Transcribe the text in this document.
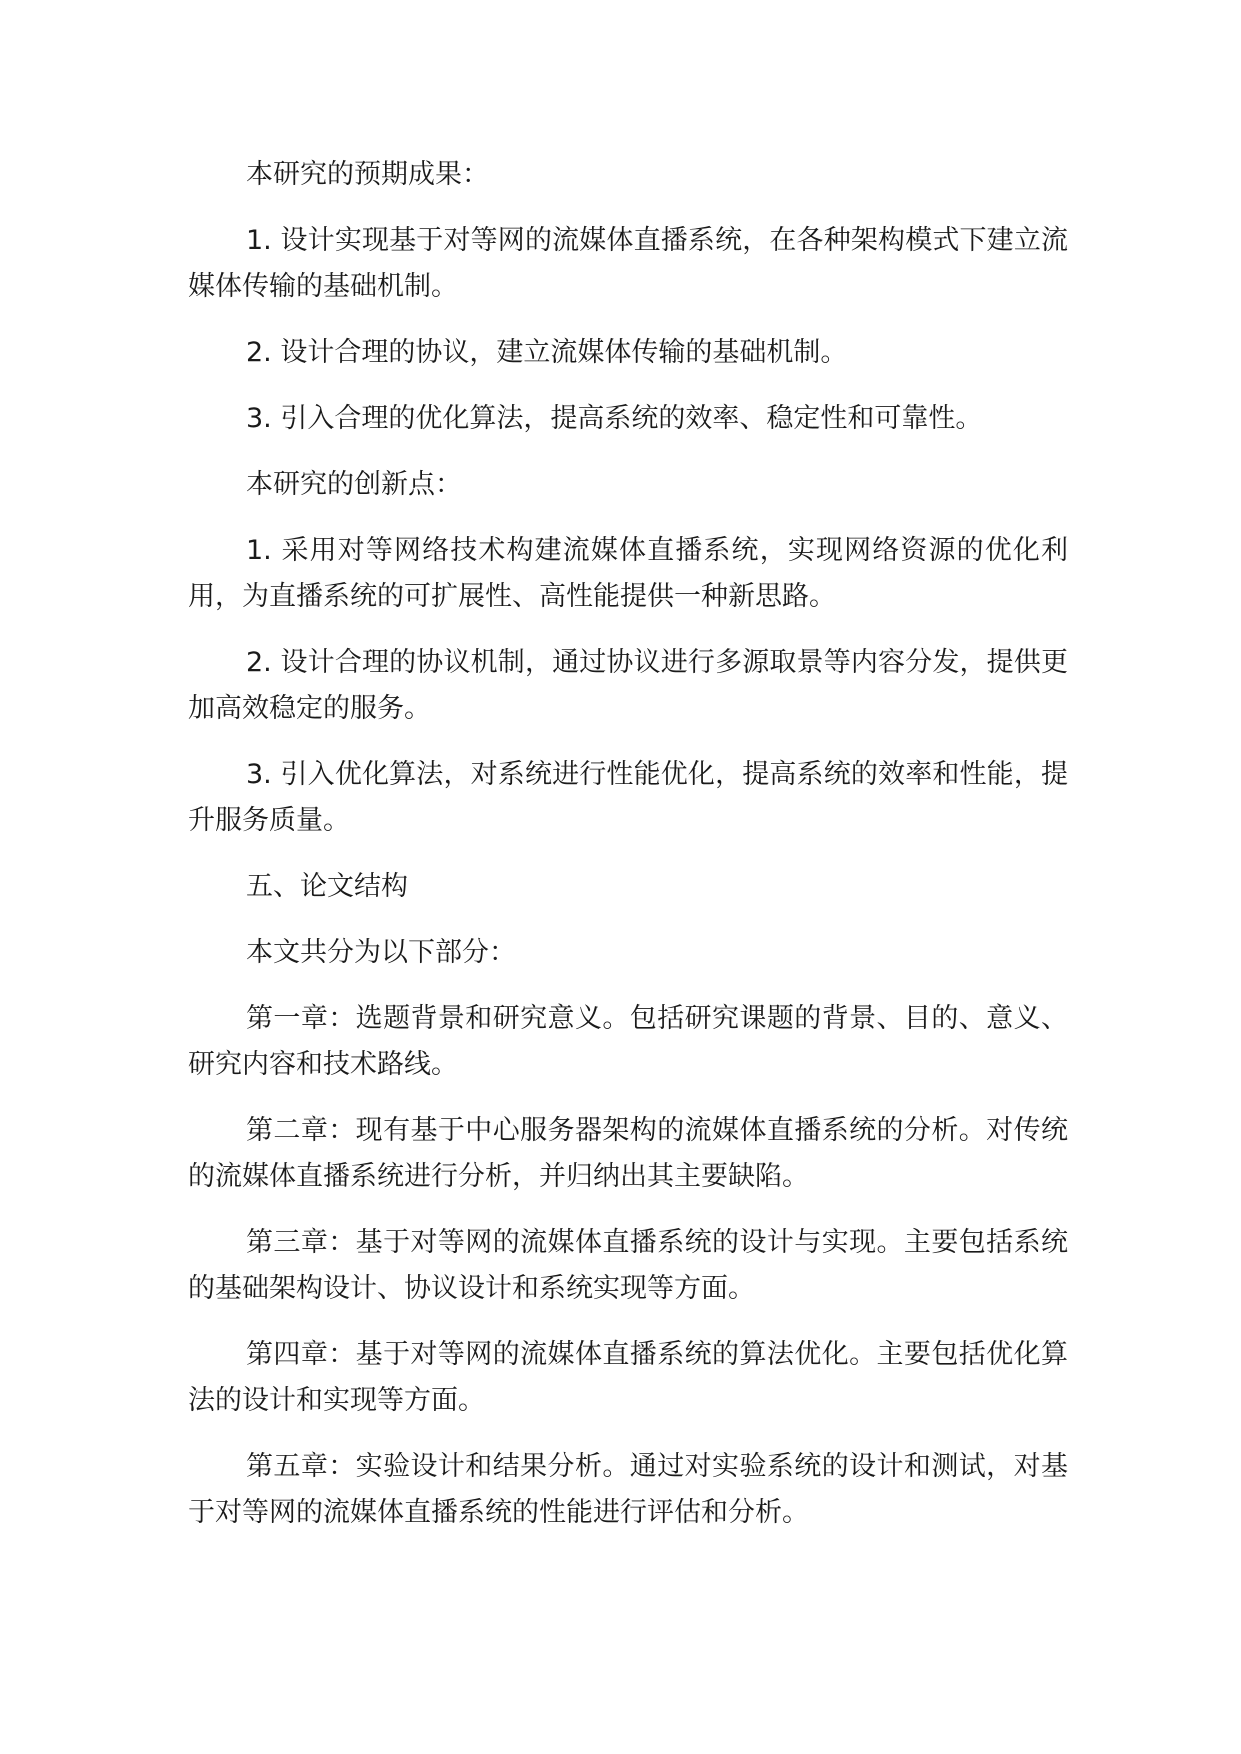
本研究的预期成果：

1. 设计实现基于对等网的流媒体直播系统，在各种架构模式下建立流媒体传输的基础机制。

2. 设计合理的协议，建立流媒体传输的基础机制。

3. 引入合理的优化算法，提高系统的效率、稳定性和可靠性。

本研究的创新点：

1. 采用对等网络技术构建流媒体直播系统，实现网络资源的优化利用，为直播系统的可扩展性、高性能提供一种新思路。

2. 设计合理的协议机制，通过协议进行多源取景等内容分发，提供更加高效稳定的服务。

3. 引入优化算法，对系统进行性能优化，提高系统的效率和性能，提升服务质量。

五、论文结构

本文共分为以下部分：

第一章：选题背景和研究意义。包括研究课题的背景、目的、意义、研究内容和技术路线。

第二章：现有基于中心服务器架构的流媒体直播系统的分析。对传统的流媒体直播系统进行分析，并归纳出其主要缺陷。

第三章：基于对等网的流媒体直播系统的设计与实现。主要包括系统的基础架构设计、协议设计和系统实现等方面。

第四章：基于对等网的流媒体直播系统的算法优化。主要包括优化算法的设计和实现等方面。

第五章：实验设计和结果分析。通过对实验系统的设计和测试，对基于对等网的流媒体直播系统的性能进行评估和分析。
